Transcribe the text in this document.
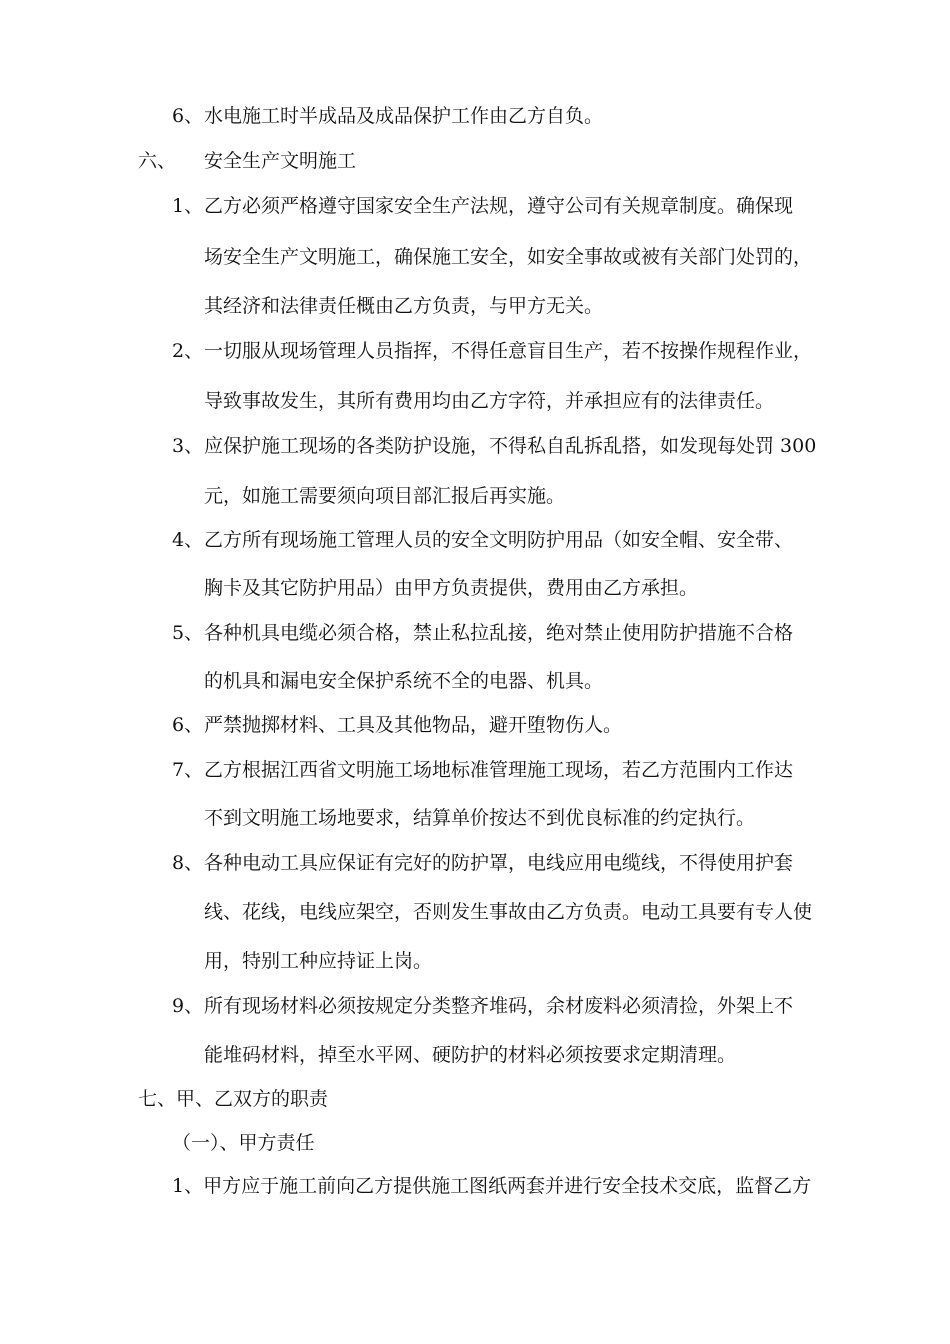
6、 水电施工时半成品及成品保护工作由乙方自负。
六、 安全生产文明施工
1、 乙方必须严格遵守国家安全生产法规，遵守公司有关规章制度。确保现
场安全生产文明施工，确保施工安全，如安全事故或被有关部门处罚的，
其经济和法律责任概由乙方负责，与甲方无关。
2、 一切服从现场管理人员指挥，不得任意盲目生产，若不按操作规程作业，
导致事故发生，其所有费用均由乙方字符，并承担应有的法律责任。
3、 应保护施工现场的各类防护设施，不得私自乱拆乱搭，如发现每处罚 300
元，如施工需要须向项目部汇报后再实施。
4、 乙方所有现场施工管理人员的安全文明防护用品（如安全帽、安全带、
胸卡及其它防护用品）由甲方负责提供，费用由乙方承担。
5、 各种机具电缆必须合格，禁止私拉乱接，绝对禁止使用防护措施不合格
的机具和漏电安全保护系统不全的电器、机具。
6、 严禁抛掷材料、工具及其他物品，避开堕物伤人。
7、 乙方根据江西省文明施工场地标准管理施工现场，若乙方范围内工作达
不到文明施工场地要求，结算单价按达不到优良标准的约定执行。
8、 各种电动工具应保证有完好的防护罩，电线应用电缆线，不得使用护套
线、花线，电线应架空，否则发生事故由乙方负责。电动工具要有专人使
用，特别工种应持证上岗。
9、 所有现场材料必须按规定分类整齐堆码，余材废料必须清捡，外架上不
能堆码材料，掉至水平网、硬防护的材料必须按要求定期清理。
七、甲、乙双方的职责
（一）、甲方责任
1、甲方应于施工前向乙方提供施工图纸两套并进行安全技术交底，监督乙方
